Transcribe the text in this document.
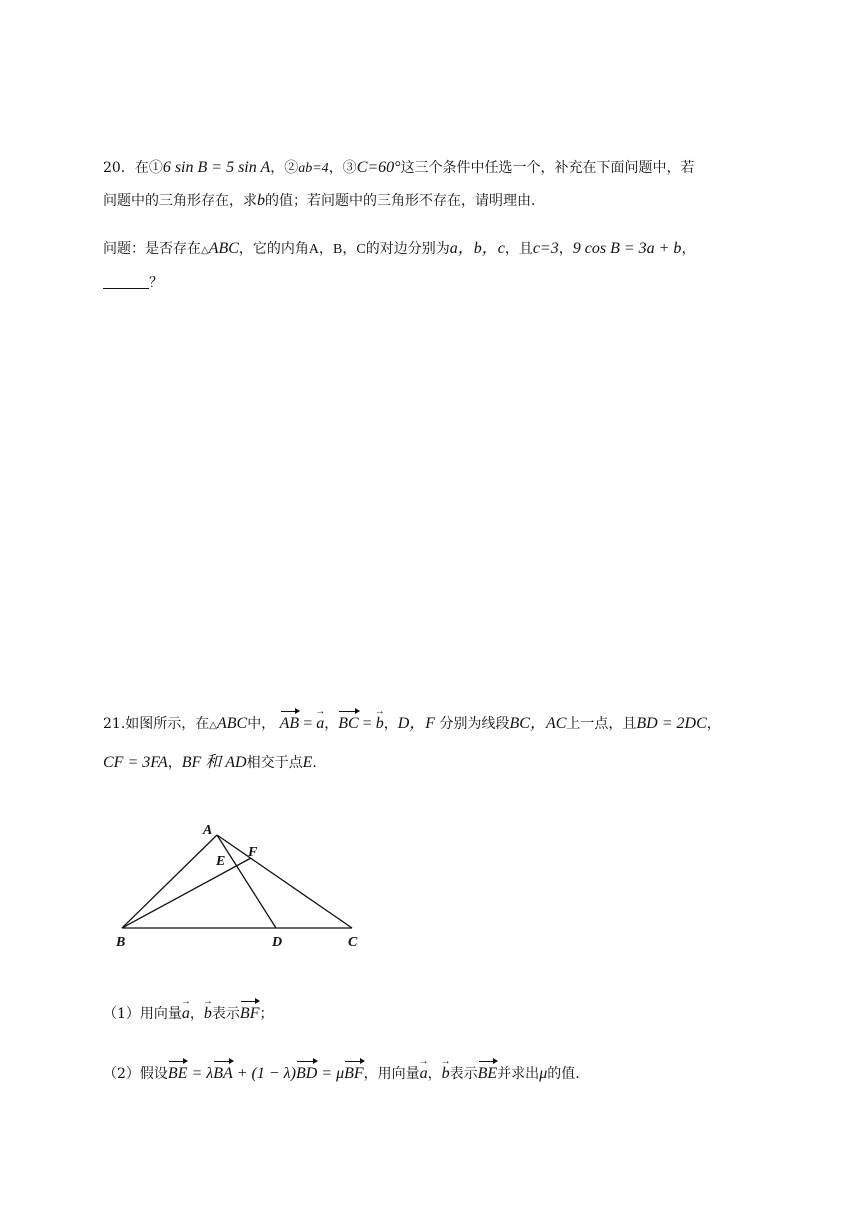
20．在①6 sin B = 5 sin A，②ab=4，③C=60°这三个条件中任选一个，补充在下面问题中，若
问题中的三角形存在，求b的值；若问题中的三角形不存在，请明理由.
问题：是否存在△ABC，它的内角A，B，C的对边分别为a，b，c，且c=3，9 cos B = 3a + b，
？
21.如图所示，在△ABC中， AB =
→
a，
BC =
→
b，D，F 分别为线段BC，AC上一点，且BD = 2DC，
CF = 3FA，BF 和 AD相交于点E.
A
E
F
B	D	C
（1）用向量
→
a，
→
b表示
BF；
（2）假设
BE = λ
BA + (1 − λ)
BD = μ
BF，用向量
→
a，
→
b表示
BE并求出μ的值.
